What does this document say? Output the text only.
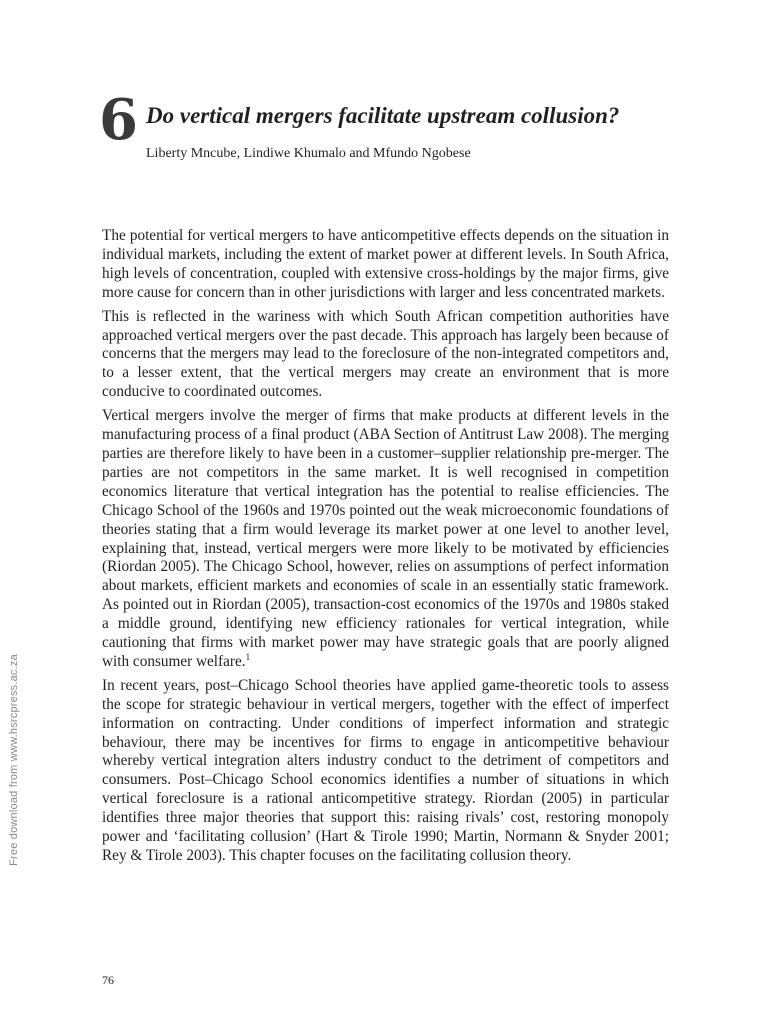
6 Do vertical mergers facilitate upstream collusion?
Liberty Mncube, Lindiwe Khumalo and Mfundo Ngobese

The potential for vertical mergers to have anticompetitive effects depends on the situation in individual markets, including the extent of market power at different levels. In South Africa, high levels of concentration, coupled with extensive cross-holdings by the major firms, give more cause for concern than in other jurisdictions with larger and less concentrated markets.

This is reflected in the wariness with which South African competition authorities have approached vertical mergers over the past decade. This approach has largely been because of concerns that the mergers may lead to the foreclosure of the non-integrated competitors and, to a lesser extent, that the vertical mergers may create an environment that is more conducive to coordinated outcomes.

Vertical mergers involve the merger of firms that make products at different levels in the manufacturing process of a final product (ABA Section of Antitrust Law 2008). The merging parties are therefore likely to have been in a customer–supplier relationship pre-merger. The parties are not competitors in the same market. It is well recognised in competition economics literature that vertical integration has the potential to realise efficiencies. The Chicago School of the 1960s and 1970s pointed out the weak microeconomic foundations of theories stating that a firm would leverage its market power at one level to another level, explaining that, instead, vertical mergers were more likely to be motivated by efficiencies (Riordan 2005). The Chicago School, however, relies on assumptions of perfect information about markets, efficient markets and economies of scale in an essentially static framework. As pointed out in Riordan (2005), transaction-cost economics of the 1970s and 1980s staked a middle ground, identifying new efficiency rationales for vertical integration, while cautioning that firms with market power may have strategic goals that are poorly aligned with consumer welfare.$^1$

In recent years, post–Chicago School theories have applied game-theoretic tools to assess the scope for strategic behaviour in vertical mergers, together with the effect of imperfect information on contracting. Under conditions of imperfect information and strategic behaviour, there may be incentives for firms to engage in anticompetitive behaviour whereby vertical integration alters industry conduct to the detriment of competitors and consumers. Post–Chicago School economics identifies a number of situations in which vertical foreclosure is a rational anticompetitive strategy. Riordan (2005) in particular identifies three major theories that support this: raising rivals’ cost, restoring monopoly power and ‘facilitating collusion’ (Hart & Tirole 1990; Martin, Normann & Snyder 2001; Rey & Tirole 2003). This chapter focuses on the facilitating collusion theory.

76
Free download from www.hsrcpress.ac.za
